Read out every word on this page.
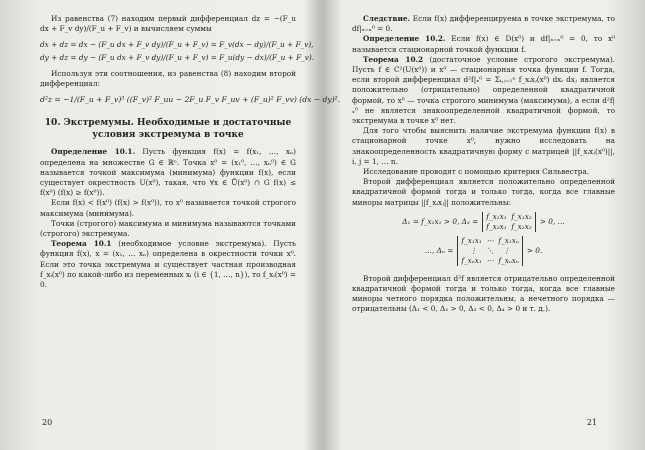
Из равенства (7) находим первый дифференциал dz = −(F_u dx + F_v dy)/(F_u + F_v) и вычисляем суммы

dx + dz = dx − (F_u dx + F_v dy)/(F_u + F_v) = F_v(dx − dy)/(F_u + F_v),
dy + dz = dy − (F_u dx + F_v dy)/(F_u + F_v) = F_u(dy − dx)/(F_u + F_v).

Используя эти соотношения, из равенства (8) находим второй дифференциал:

d²z = −1/(F_u + F_v)³ ((F_v)² F_uu − 2F_u F_v F_uv + (F_u)² F_vv) (dx − dy)².
10. Экстремумы. Необходимые и достаточные условия экстремума в точке

Определение 10.1. Пусть функция f(x) = f(x₁, …, xₙ) определена на множестве G ∈ ℝⁿ. Точка x⁰ = (x₁⁰, …, xₙ⁰) ∈ G называется точкой максимума (минимума) функции f(x), если существует окрестность U(x⁰), такая, что ∀x ∈ Ů(x⁰) ∩ G f(x) ≤ f(x⁰) (f(x) ≥ f(x⁰)).

Если f(x) < f(x⁰) (f(x) > f(x⁰)), то x⁰ называется точкой строгого максимума (минимума).

Точки (строгого) максимума и минимума называются точками (строгого) экстремума.

Теорема 10.1 (необходимое условие экстремума). Пусть функция f(x), x = (x₁, … xₙ) определена в окрестности точки x⁰. Если это точка экстремума и существует частная производная f_xᵢ(x⁰) по какой-либо из переменных xᵢ (i ∈ {1, …, n}), то f_xᵢ(x⁰) = 0.

20

Следствие. Если f(x) дифференцируема в точке экстремума, то df|ₓ₌ₓ⁰ = 0.

Определение 10.2. Если f(x) ∈ D(x⁰) и df|ₓ₌ₓ⁰ = 0, то x⁰ называется стационарной точкой функции f.

Теорема 10.2 (достаточное условие строгого экстремума). Пусть f ∈ C²(U(x⁰)) и x⁰ — стационарная точка функции f. Тогда, если второй дифференциал d²f|ₓ⁰ = Σᵢ,ⱼ₌₁ⁿ f_xᵢxⱼ(x⁰) dxᵢ dxⱼ является положительно (отрицательно) определенной квадратичной формой, то x⁰ — точка строгого минимума (максимума), а если d²f|ₓ⁰ не является знакоопределенной квадратичной формой, то экстремума в точке x⁰ нет.

Для того чтобы выяснить наличие экстремума функции f(x) в стационарной точке x⁰, нужно исследовать на знакоопределенность квадратичную форму с матрицей ||f_xᵢxⱼ(x⁰)||, i, j = 1, … n.

Исследование проводят с помощью критерия Сильвестра.

Второй дифференциал является положительно определенной квадратичной формой тогда и только тогда, когда все главные миноры матрицы ||f_xᵢxⱼ|| положительны:

Δ₁ = f_x₁x₁ > 0, Δ₂ =
f_x₁x₁ f_x₁x₂
f_x₂x₁ f_x₂x₂
> 0, …
…, Δₙ =
f_x₁x₁ ⋯ f_x₁xₙ
⋮ ⋱ ⋮
f_xₙx₁ ⋯ f_xₙxₙ
> 0.

Второй дифференциал d²f является отрицательно определенной квадратичной формой тогда и только тогда, когда все главные миноры четного порядка положительны, а нечетного порядка — отрицательны (Δ₁ < 0, Δ₂ > 0, Δ₃ < 0, Δ₄ > 0 и т. д.).

21
